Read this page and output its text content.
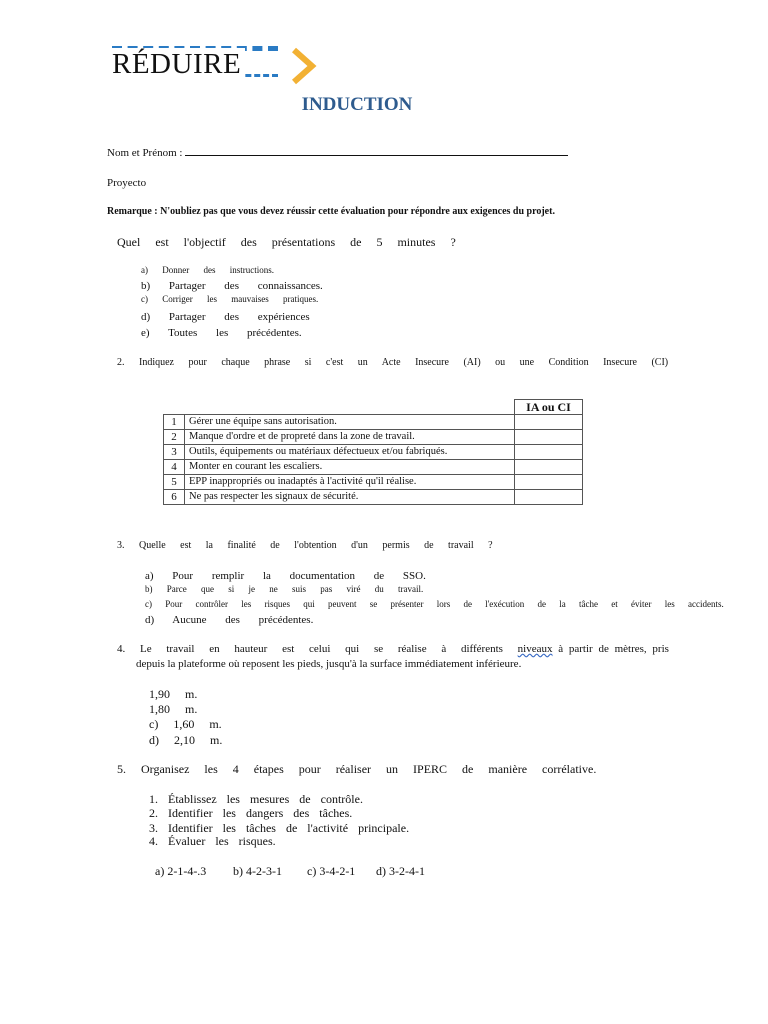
RÉDUIRE
INDUCTION
Nom et Prénom :
Proyecto
Remarque : N'oubliez pas que vous devez réussir cette évaluation pour répondre aux exigences du projet.
Quel est l'objectif des présentations de 5 minutes ?
a) Donner des instructions.
b) Partager des connaissances.
c) Corriger les mauvaises pratiques.
d) Partager des expériences
e) Toutes les précédentes.
2. Indiquez pour chaque phrase si c'est un Acte Insecure (AI) ou une Condition Insecure (CI)
		IA ou CI
1	Gérer une équipe sans autorisation.	
2	Manque d'ordre et de propreté dans la zone de travail.	
3	Outils, équipements ou matériaux défectueux et/ou fabriqués.	
4	Monter en courant les escaliers.	
5	EPP inappropriés ou inadaptés à l'activité qu'il réalise.	
6	Ne pas respecter les signaux de sécurité.	
3. Quelle est la finalité de l'obtention d'un permis de travail ?
a) Pour remplir la documentation de SSO.
b) Parce que si je ne suis pas viré du travail.
c) Pour contrôler les risques qui peuvent se présenter lors de l'exécution de la tâche et éviter les accidents.
d) Aucune des précédentes.
4. Le travail en hauteur est celui qui se réalise à différents niveaux à partir de mètres, pris
depuis la plateforme où reposent les pieds, jusqu'à la surface immédiatement inférieure.
1,90 m.
1,80 m.
c) 1,60 m.
d) 2,10 m.
5. Organisez les 4 étapes pour réaliser un IPERC de manière corrélative.
1. Établissez les mesures de contrôle.
2. Identifier les dangers des tâches.
3. Identifier les tâches de l'activité principale.
4. Évaluer les risques.
a) 2-1-4-.3 b) 4-2-3-1 c) 3-4-2-1 d) 3-2-4-1
